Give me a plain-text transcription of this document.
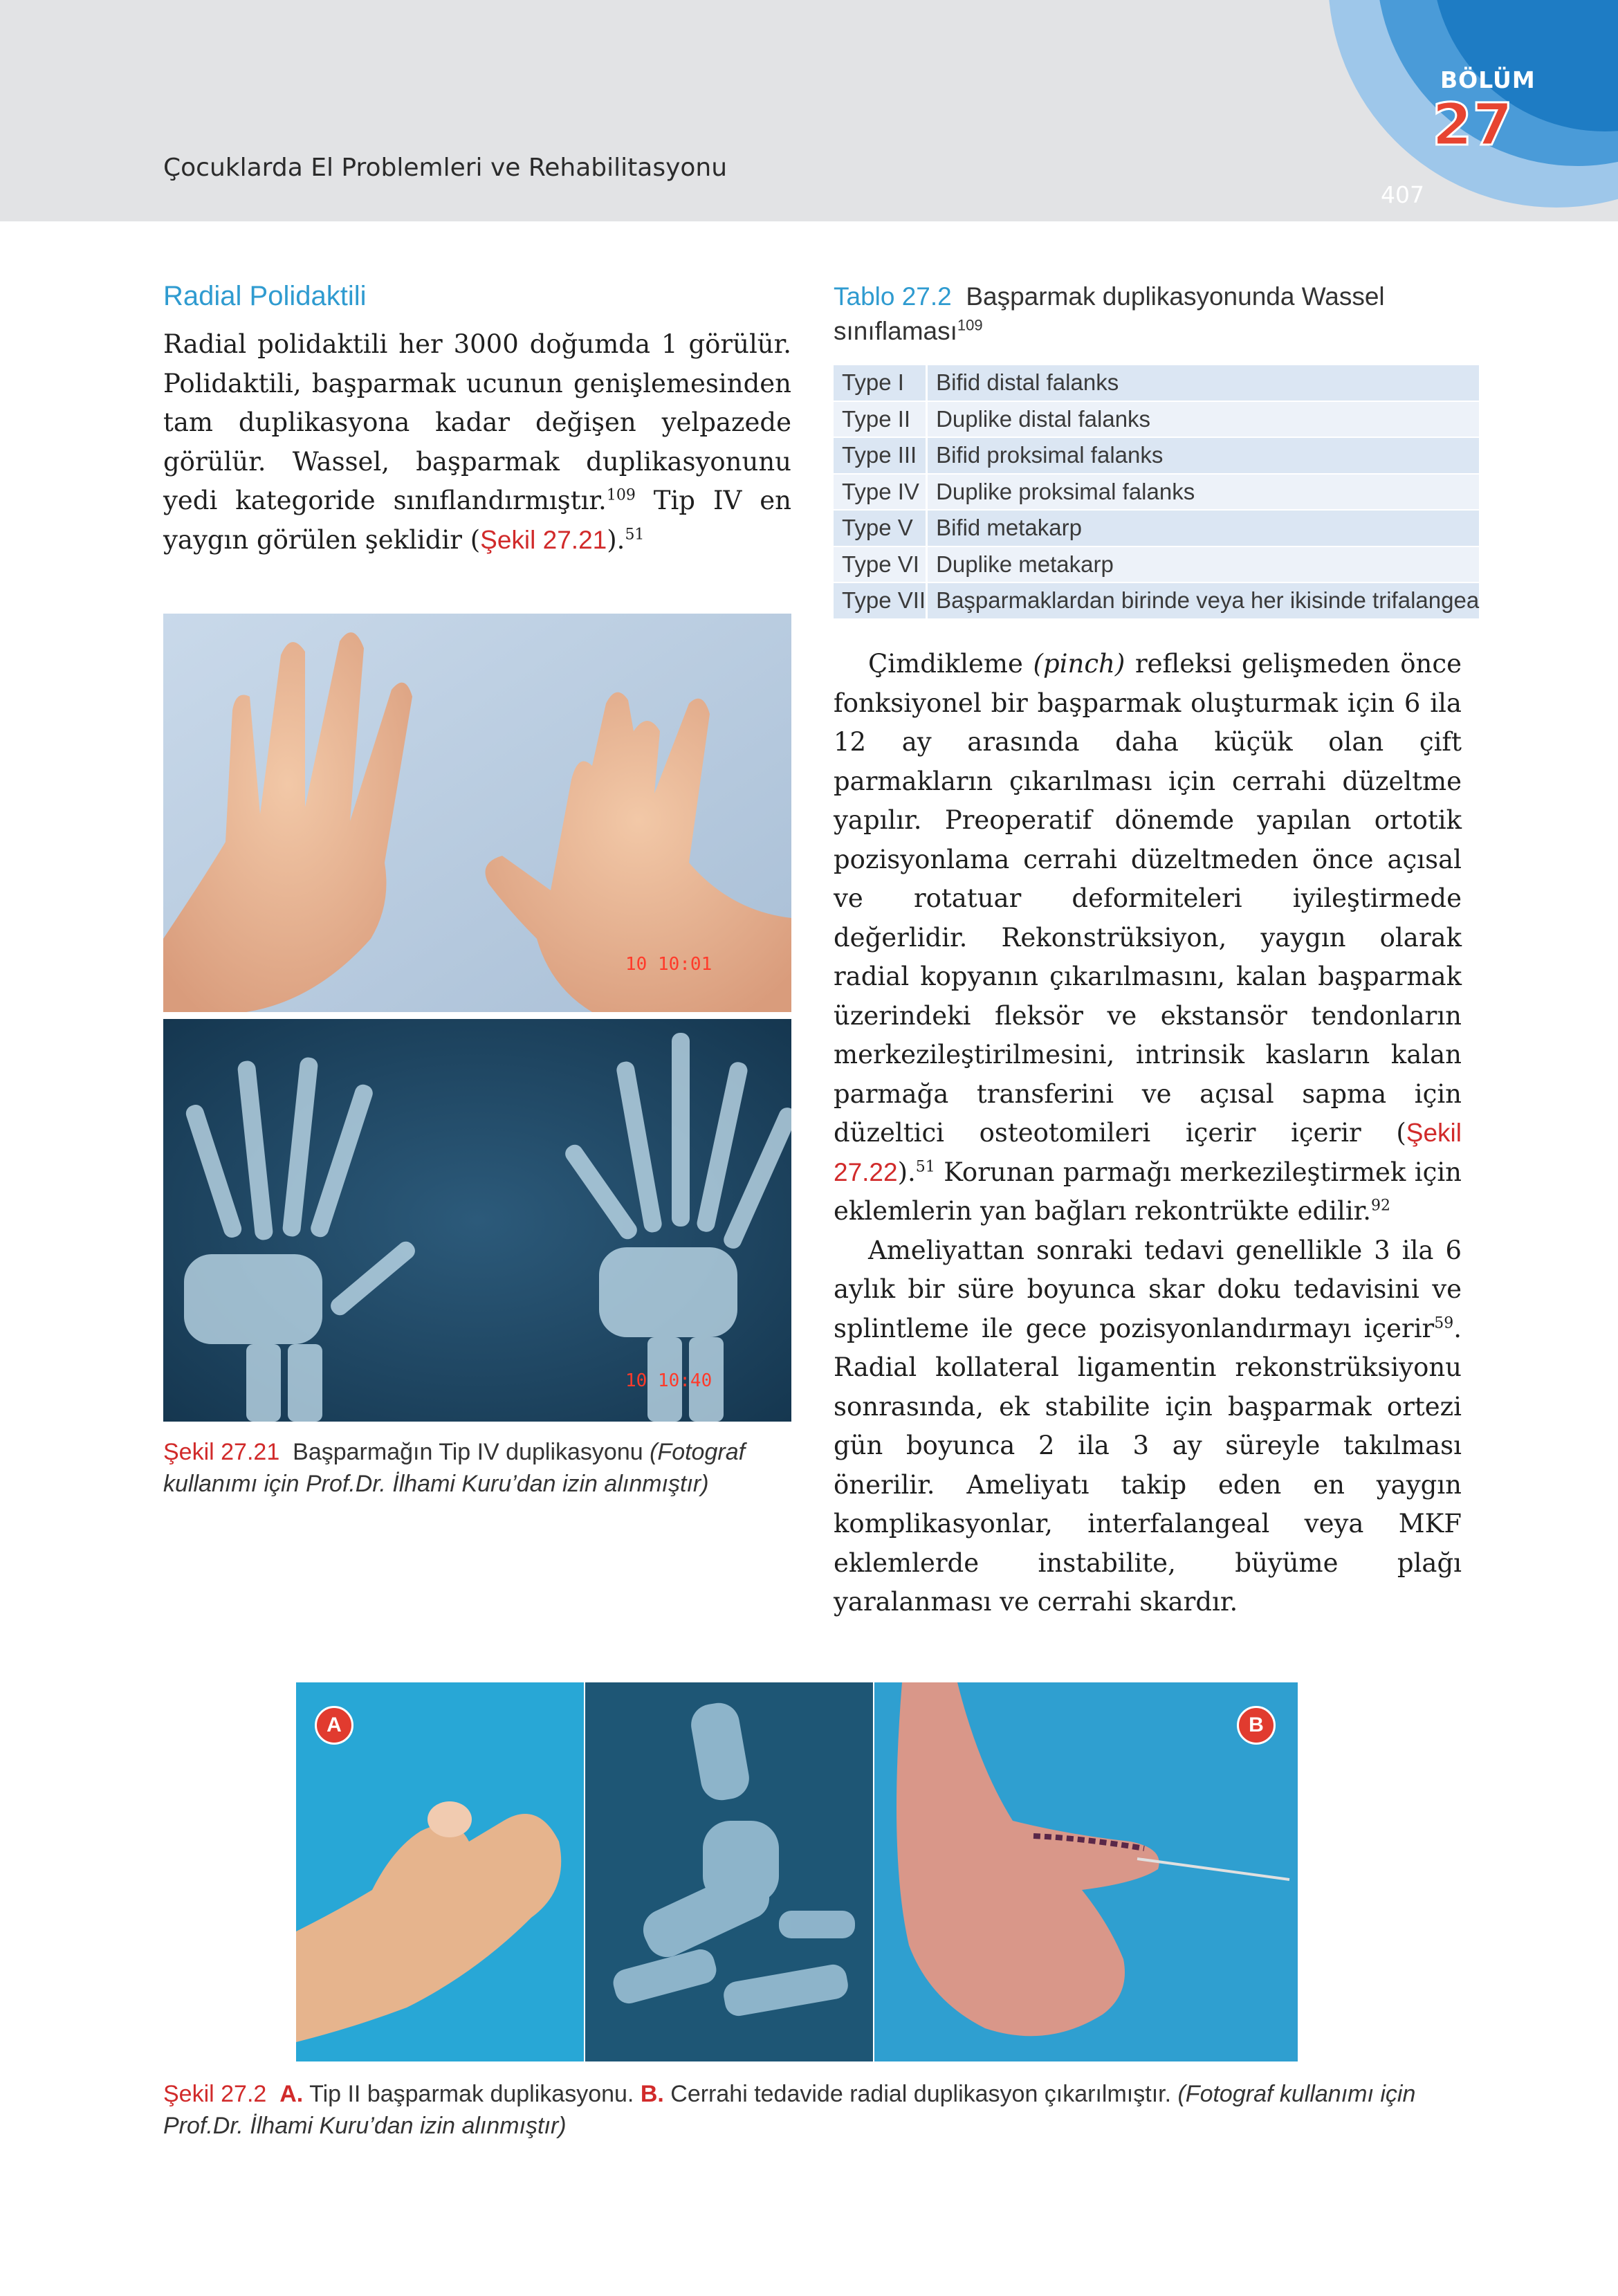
Çocuklarda El Problemleri ve Rehabilitasyonu
BÖLÜM
27
407
Radial Polidaktili
Radial polidaktili her 3000 doğumda 1 görülür. Polidaktili, başparmak ucunun genişlemesinden tam duplikasyona kadar değişen yelpazede görülür. Wassel, başparmak duplikasyonunu yedi kategoride sınıflandırmıştır.$^{109}$ Tip IV en yaygın görülen şeklidir (Şekil 27.21).$^{51}$
10 10:01
10 10:40
Şekil 27.21 Başparmağın Tip IV duplikasyonu (Fotograf kullanımı için Prof.Dr. İlhami Kuru’dan izin alınmıştır)
Tablo 27.2 Başparmak duplikasyonunda Wassel sınıflaması$^{109}$
Type I	Bifid distal falanks
Type II	Duplike distal falanks
Type III	Bifid proksimal falanks
Type IV	Duplike proksimal falanks
Type V	Bifid metakarp
Type VI	Duplike metakarp
Type VII	Başparmaklardan birinde veya her ikisinde trifalangea

Çimdikleme (pinch) refleksi gelişmeden önce fonksiyonel bir başparmak oluşturmak için 6 ila 12 ay arasında daha küçük olan çift parmakların çıkarılması için cerrahi düzeltme yapılır. Preoperatif dönemde yapılan ortotik pozisyonlama cerrahi düzeltmeden önce açısal ve rotatuar deformiteleri iyileştirmede değerlidir. Rekonstrüksiyon, yaygın olarak radial kopyanın çıkarılmasını, kalan başparmak üzerindeki fleksör ve ekstansör tendonların merkezileştirilmesini, intrinsik kasların kalan parmağa transferini ve açısal sapma için düzeltici osteotomileri içerir içerir (Şekil 27.22).$^{51}$ Korunan parmağı merkezileştirmek için eklemlerin yan bağları rekontrükte edilir.$^{92}$

Ameliyattan sonraki tedavi genellikle 3 ila 6 aylık bir süre boyunca skar doku tedavisini ve splintleme ile gece pozisyonlandırmayı içerir$^{59}$. Radial kollateral ligamentin rekonstrüksiyonu sonrasında, ek stabilite için başparmak ortezi gün boyunca 2 ila 3 ay süreyle takılması önerilir. Ameliyatı takip eden en yaygın komplikasyonlar, interfalangeal veya MKF eklemlerde instabilite, büyüme plağı yaralanması ve cerrahi skardır.

A	B
Şekil 27.2 A. Tip II başparmak duplikasyonu. B. Cerrahi tedavide radial duplikasyon çıkarılmıştır. (Fotograf kullanımı için Prof.Dr. İlhami Kuru’dan izin alınmıştır)
